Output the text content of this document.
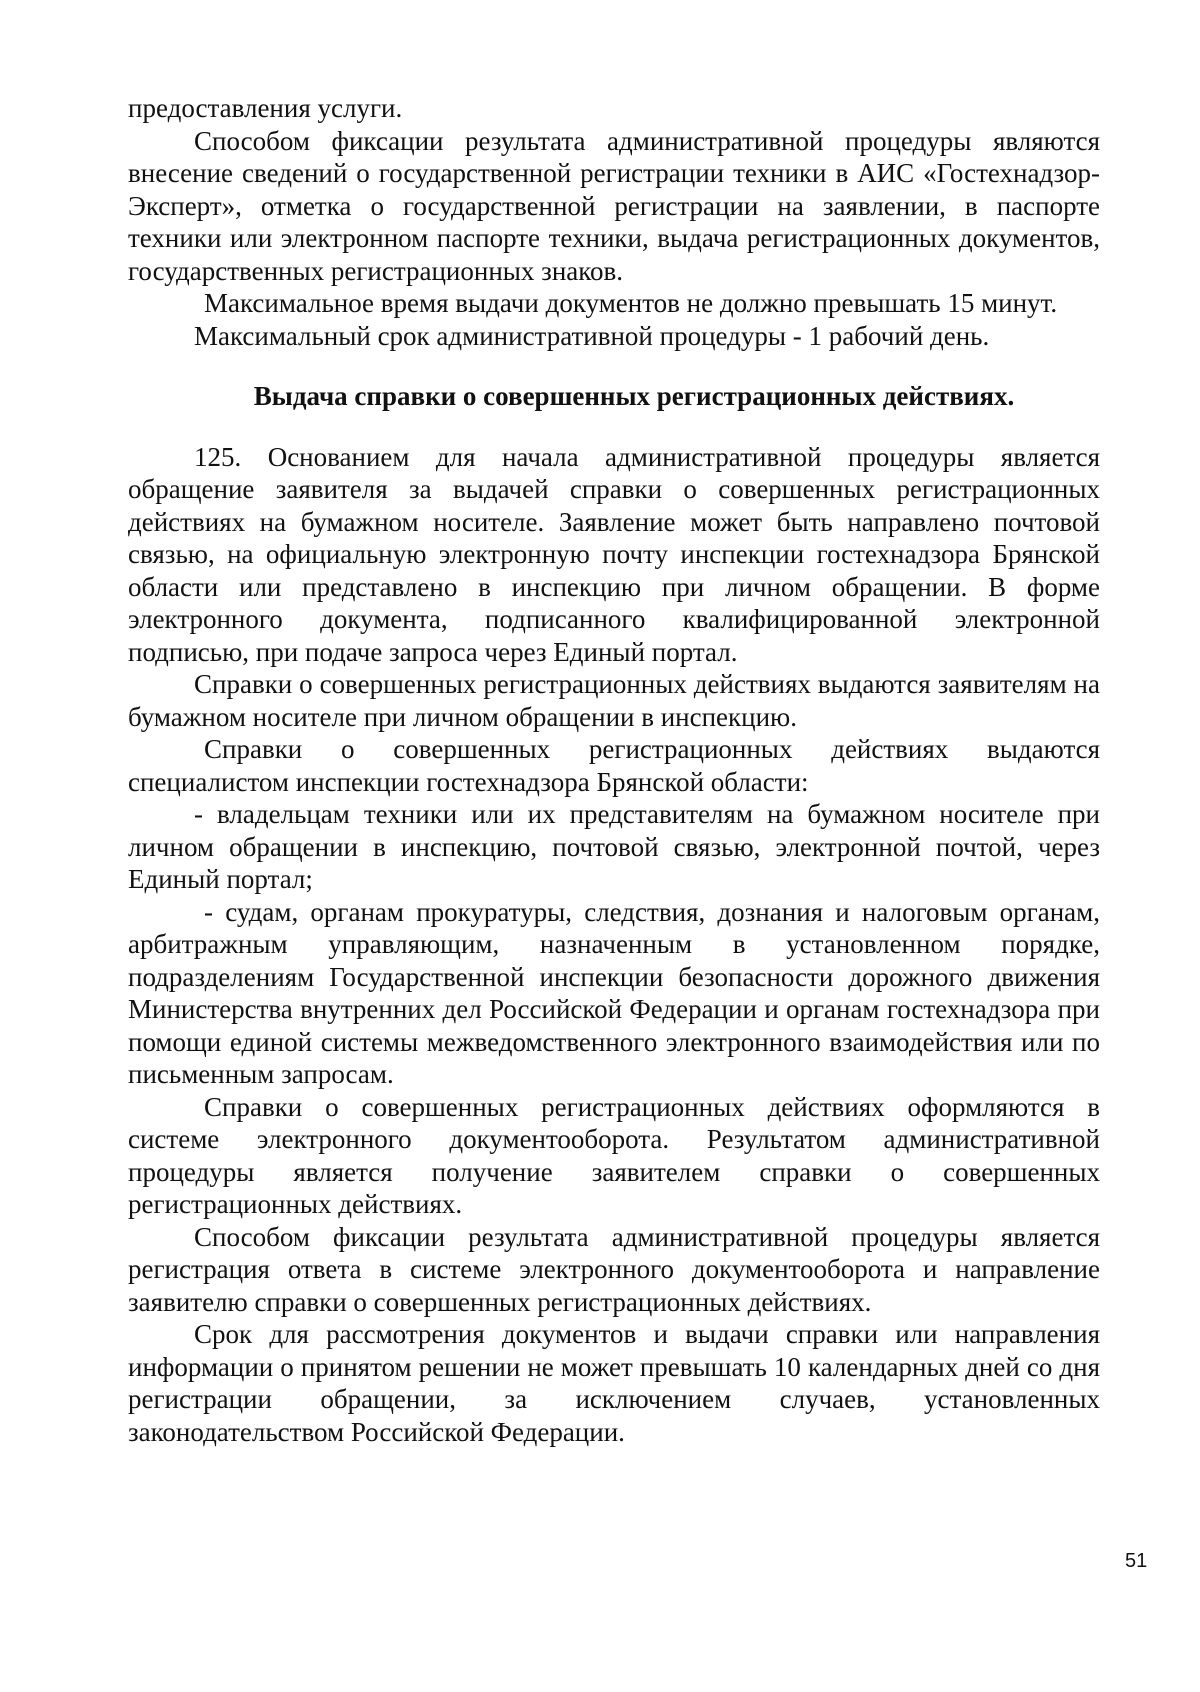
предоставления услуги.

Способом фиксации результата административной процедуры являются внесение сведений о государственной регистрации техники в АИС «Гостехнадзор- Эксперт», отметка о государственной регистрации на заявлении, в паспорте техники или электронном паспорте техники, выдача регистрационных документов, государственных регистрационных знаков.

Максимальное время выдачи документов не должно превышать 15 минут.

Максимальный срок административной процедуры - 1 рабочий день.

Выдача справки о совершенных регистрационных действиях.

125. Основанием для начала административной процедуры является обращение заявителя за выдачей справки о совершенных регистрационных действиях на бумажном носителе. Заявление может быть направлено почтовой связью, на официальную электронную почту инспекции гостехнадзора Брянской области или представлено в инспекцию при личном обращении. В форме электронного документа, подписанного квалифицированной электронной подписью, при подаче запроса через Единый портал.

Справки о совершенных регистрационных действиях выдаются заявителям на бумажном носителе при личном обращении в инспекцию.

Справки о совершенных регистрационных действиях выдаются специалистом инспекции гостехнадзора Брянской области:

- владельцам техники или их представителям на бумажном носителе при личном обращении в инспекцию, почтовой связью, электронной почтой, через Единый портал;

- судам, органам прокуратуры, следствия, дознания и налоговым органам, арбитражным управляющим, назначенным в установленном порядке, подразделениям Государственной инспекции безопасности дорожного движения Министерства внутренних дел Российской Федерации и органам гостехнадзора при помощи единой системы межведомственного электронного взаимодействия или по письменным запросам.

Справки о совершенных регистрационных действиях оформляются в системе электронного документооборота. Результатом административной процедуры является получение заявителем справки о совершенных регистрационных действиях.

Способом фиксации результата административной процедуры является регистрация ответа в системе электронного документооборота и направление заявителю справки о совершенных регистрационных действиях.

Срок для рассмотрения документов и выдачи справки или направления информации о принятом решении не может превышать 10 календарных дней со дня регистрации обращении, за исключением случаев, установленных законодательством Российской Федерации.

51
